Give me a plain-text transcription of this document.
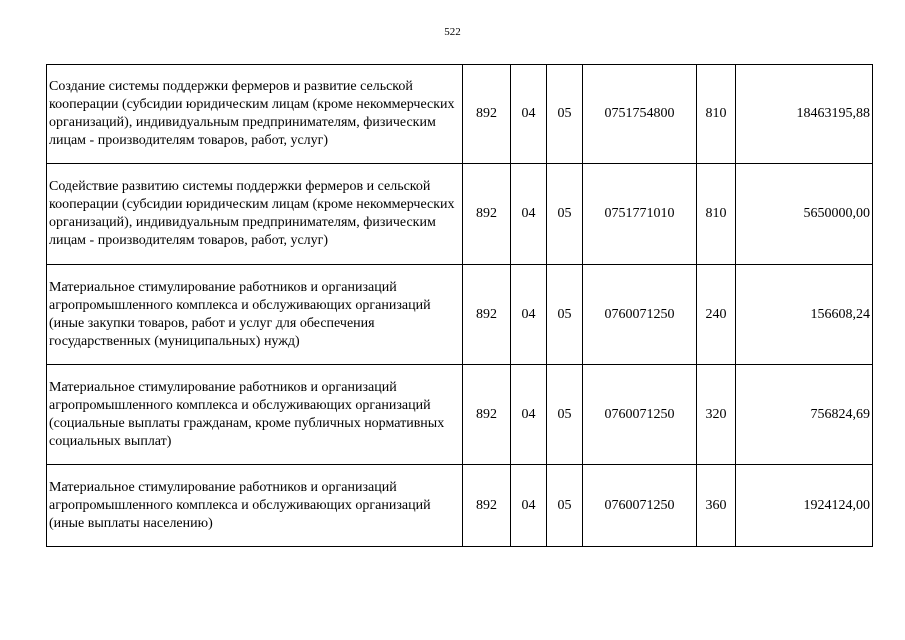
522
Создание системы поддержки фермеров и развитие сельской кооперации (субсидии юридическим лицам (кроме некоммерческих организаций), индивидуальным предпринимателям, физическим лицам - производителям товаров, работ, услуг)	892	04	05	0751754800	810	18463195,88
Содействие развитию системы поддержки фермеров и сельской кооперации (субсидии юридическим лицам (кроме некоммерческих организаций), индивидуальным предпринимателям, физическим лицам - производителям товаров, работ, услуг)	892	04	05	0751771010	810	5650000,00
Материальное стимулирование работников и организаций агропромышленного комплекса и обслуживающих организаций (иные закупки товаров, работ и услуг для обеспечения государственных (муниципальных) нужд)	892	04	05	0760071250	240	156608,24
Материальное стимулирование работников и организаций агропромышленного комплекса и обслуживающих организаций (социальные выплаты гражданам, кроме публичных нормативных социальных выплат)	892	04	05	0760071250	320	756824,69
Материальное стимулирование работников и организаций агропромышленного комплекса и обслуживающих организаций (иные выплаты населению)	892	04	05	0760071250	360	1924124,00
